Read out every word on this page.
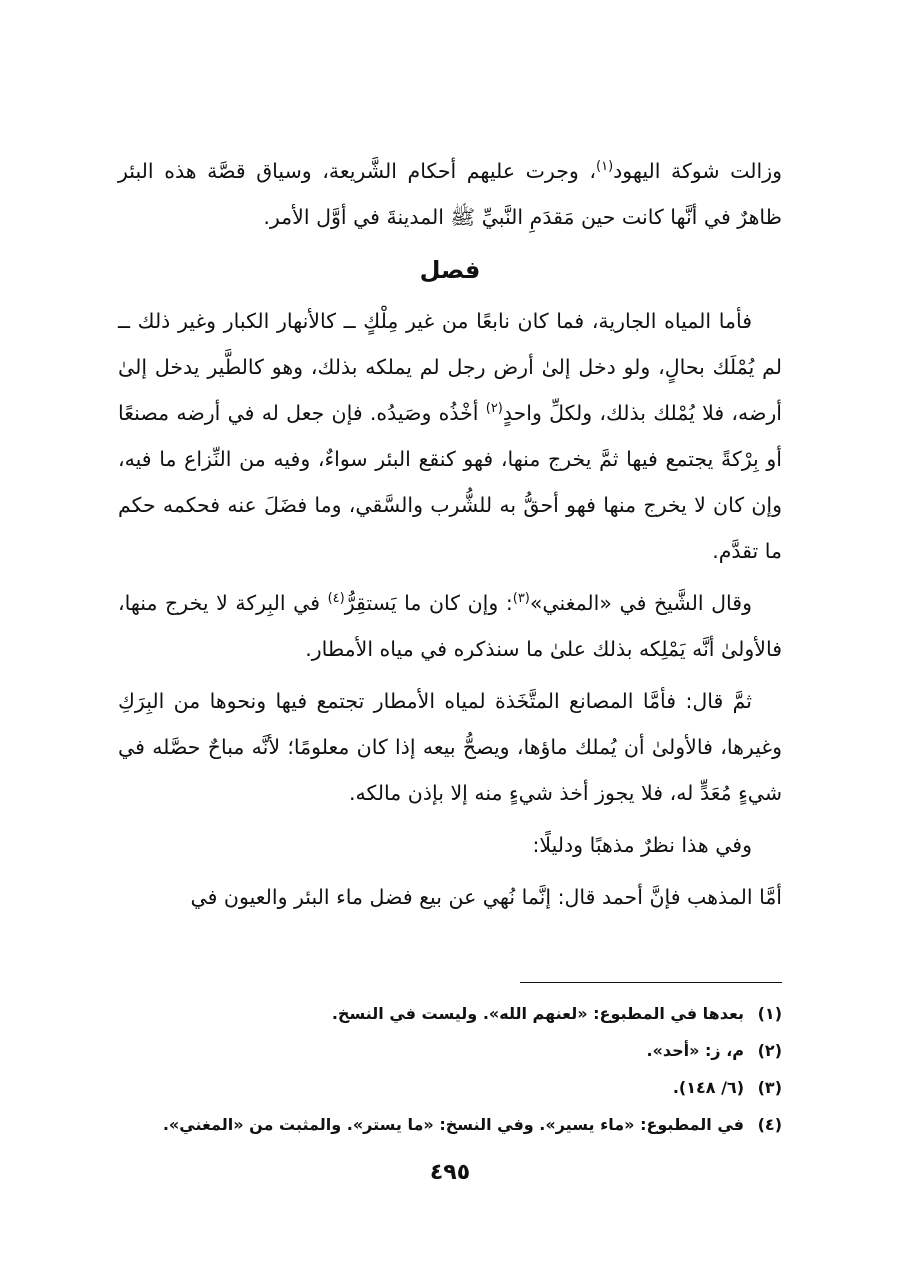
وزالت شوكة اليهود$^{(١)}$، وجرت عليهم أحكام الشَّريعة، وسياق قصَّة هذه البئر ظاهرٌ في أنَّها كانت حين مَقدَمِ النَّبيِّ ﷺ المدينةَ في أوَّل الأمر.

فصل

فأما المياه الجارية، فما كان نابعًا من غير مِلْكٍ ــ كالأنهار الكبار وغير ذلك ــ لم يُمْلَك بحالٍ، ولو دخل إلىٰ أرض رجل لم يملكه بذلك، وهو كالطَّير يدخل إلىٰ أرضه، فلا يُمْلك بذلك، ولكلِّ واحدٍ$^{(٢)}$ أخْذُه وصَيدُه. فإن جعل له في أرضه مصنعًا أو بِرْكةً يجتمع فيها ثمَّ يخرج منها، فهو كنقع البئر سواءٌ، وفيه من النِّزاع ما فيه، وإن كان لا يخرج منها فهو أحقُّ به للشُّرب والسَّقي، وما فضَلَ عنه فحكمه حكم ما تقدَّم.

وقال الشَّيخ في «المغني»$^{(٣)}$: وإن كان ما يَستقِرُّ$^{(٤)}$ في البِركة لا يخرج منها، فالأولىٰ أنَّه يَمْلِكه بذلك علىٰ ما سنذكره في مياه الأمطار.

ثمَّ قال: فأمَّا المصانع المتَّخَذة لمياه الأمطار تجتمع فيها ونحوها من البِرَكِ وغيرها، فالأولىٰ أن يُملك ماؤها، ويصحُّ بيعه إذا كان معلومًا؛ لأنَّه مباحٌ حصَّله في شيءٍ مُعَدٍّ له، فلا يجوز أخذ شيءٍ منه إلا بإذن مالكه.

وفي هذا نظرٌ مذهبًا ودليلًا:

أمَّا المذهب فإنَّ أحمد قال: إنَّما نُهي عن بيع فضل ماء البئر والعيون في

(١)
بعدها في المطبوع: «لعنهم الله». وليست في النسخ.
(٢)
م، ز: «أحد».
(٣)
(٦/ ١٤٨).
(٤)
في المطبوع: «ماء يسير». وفي النسخ: «ما يستر». والمثبت من «المغني».
٤٩٥
